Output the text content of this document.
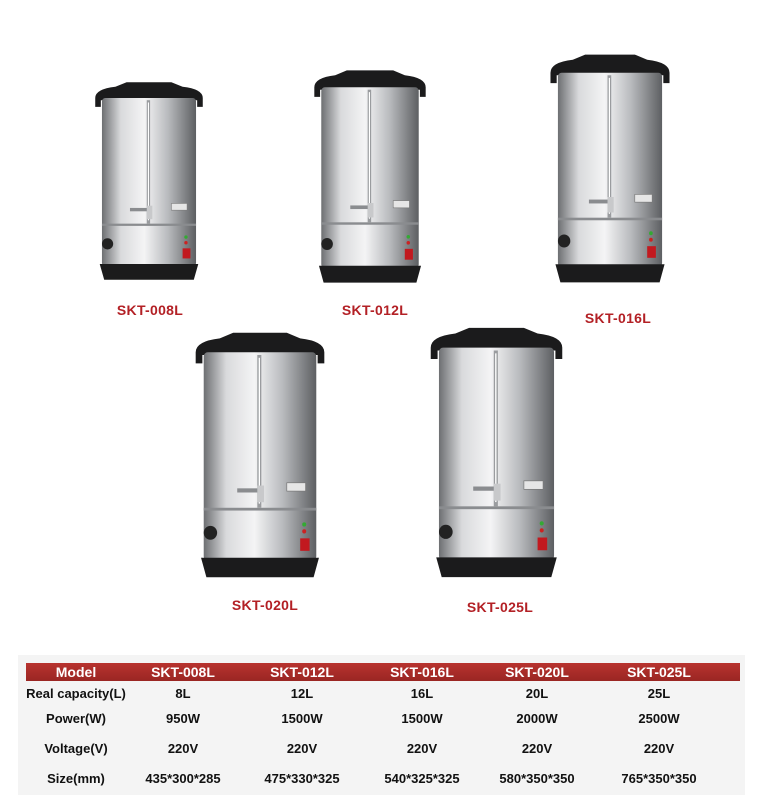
SKT-008L	SKT-012L	SKT-016L
SKT-020L	SKT-025L
Model	SKT-008L	SKT-012L	SKT-016L	SKT-020L	SKT-025L
Real capacity(L)	8L	12L	16L	20L	25L
Power(W)	950W	1500W	1500W	2000W	2500W
Voltage(V)	220V	220V	220V	220V	220V
Size(mm)	435*300*285	475*330*325	540*325*325	580*350*350	765*350*350
